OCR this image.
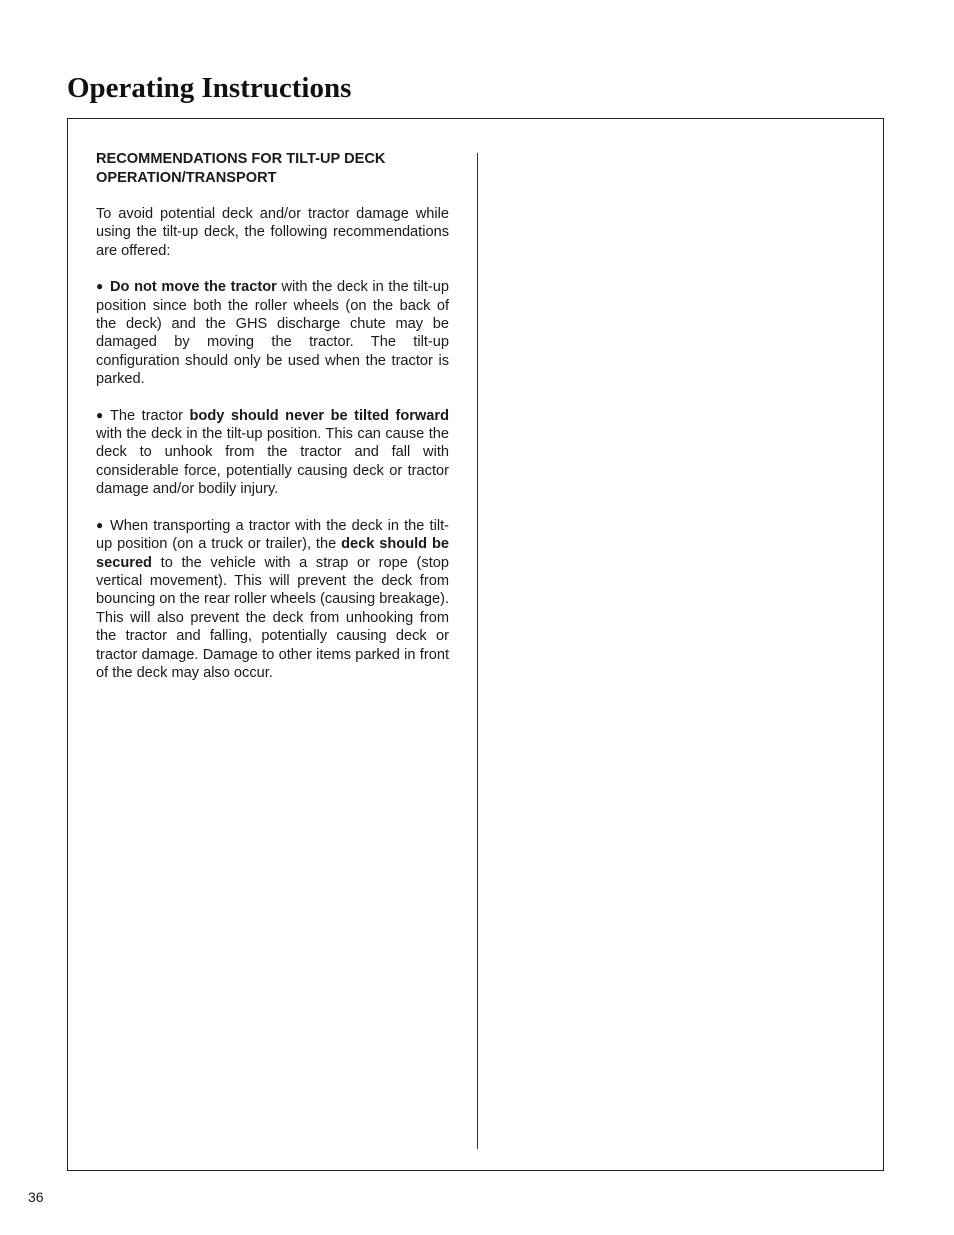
Operating Instructions
RECOMMENDATIONS FOR TILT-UP DECK
OPERATION/TRANSPORT

To avoid potential deck and/or tractor damage while using the tilt-up deck, the following recommendations are offered:

● Do not move the tractor with the deck in the tilt-up position since both the roller wheels (on the back of the deck) and the GHS discharge chute may be damaged by moving the tractor. The tilt-up configuration should only be used when the tractor is parked.

● The tractor body should never be tilted forward with the deck in the tilt-up position. This can cause the deck to unhook from the tractor and fall with considerable force, potentially causing deck or tractor damage and/or bodily injury.

● When transporting a tractor with the deck in the tilt-up position (on a truck or trailer), the deck should be secured to the vehicle with a strap or rope (stop vertical movement). This will prevent the deck from bouncing on the rear roller wheels (causing breakage). This will also prevent the deck from unhooking from the tractor and falling, potentially causing deck or tractor damage. Damage to other items parked in front of the deck may also occur.

36
